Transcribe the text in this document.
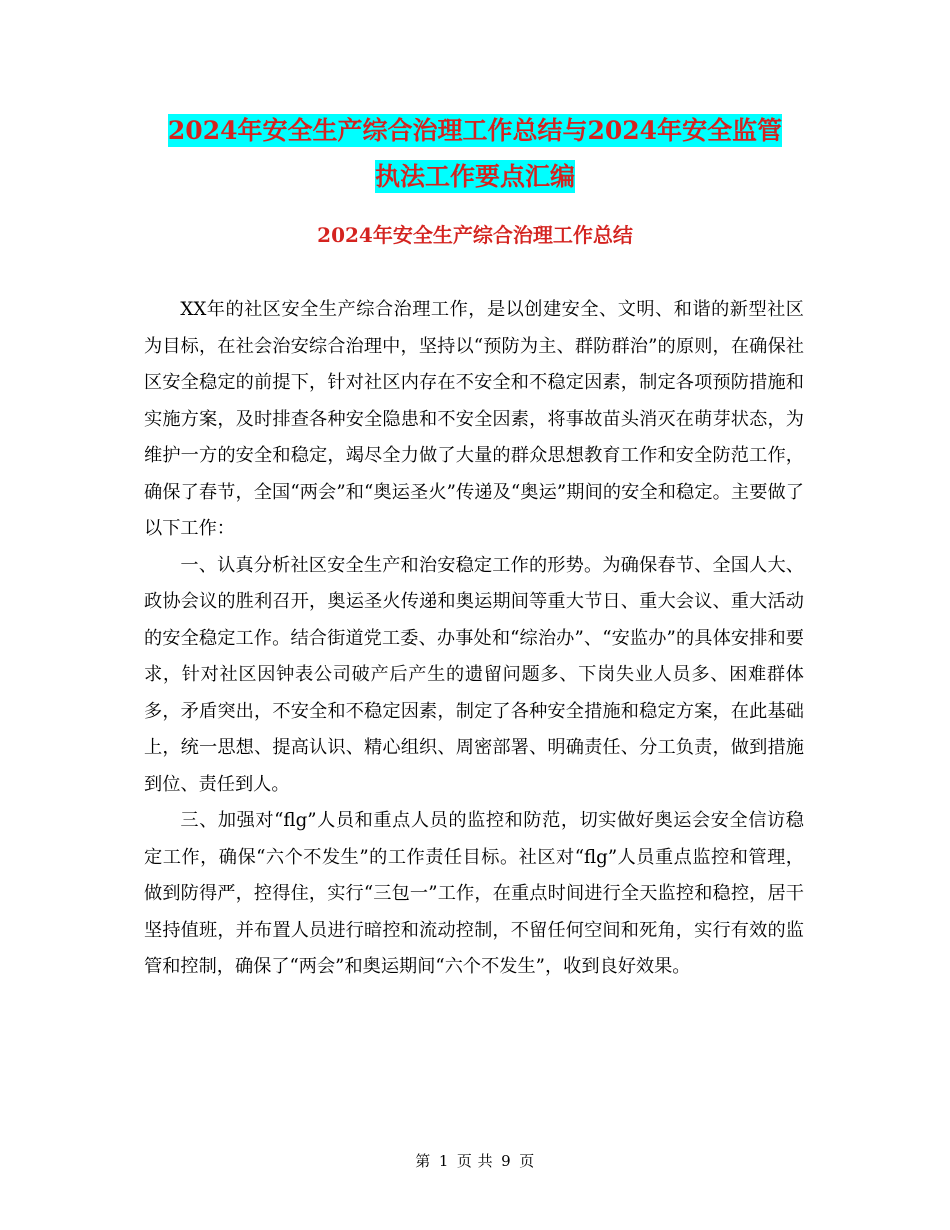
2024年安全生产综合治理工作总结与2024年安全监管
执法工作要点汇编
2024年安全生产综合治理工作总结

XX年的社区安全生产综合治理工作，是以创建安全、文明、和谐的新型社区为目标，在社会治安综合治理中，坚持以“预防为主、群防群治”的原则，在确保社区安全稳定的前提下，针对社区内存在不安全和不稳定因素，制定各项预防措施和实施方案，及时排查各种安全隐患和不安全因素，将事故苗头消灭在萌芽状态，为维护一方的安全和稳定，竭尽全力做了大量的群众思想教育工作和安全防范工作，确保了春节，全国“两会”和“奥运圣火”传递及“奥运”期间的安全和稳定。主要做了以下工作：

一、认真分析社区安全生产和治安稳定工作的形势。为确保春节、全国人大、政协会议的胜利召开，奥运圣火传递和奥运期间等重大节日、重大会议、重大活动的安全稳定工作。结合街道党工委、办事处和“综治办”、“安监办”的具体安排和要求，针对社区因钟表公司破产后产生的遗留问题多、下岗失业人员多、困难群体多，矛盾突出，不安全和不稳定因素，制定了各种安全措施和稳定方案，在此基础上，统一思想、提高认识、精心组织、周密部署、明确责任、分工负责，做到措施到位、责任到人。

三、加强对“flg”人员和重点人员的监控和防范，切实做好奥运会安全信访稳定工作，确保“六个不发生”的工作责任目标。社区对“flg”人员重点监控和管理，做到防得严，控得住，实行“三包一”工作，在重点时间进行全天监控和稳控，居干坚持值班，并布置人员进行暗控和流动控制，不留任何空间和死角，实行有效的监管和控制，确保了“两会”和奥运期间“六个不发生”，收到良好效果。

第 1 页 共 9 页
